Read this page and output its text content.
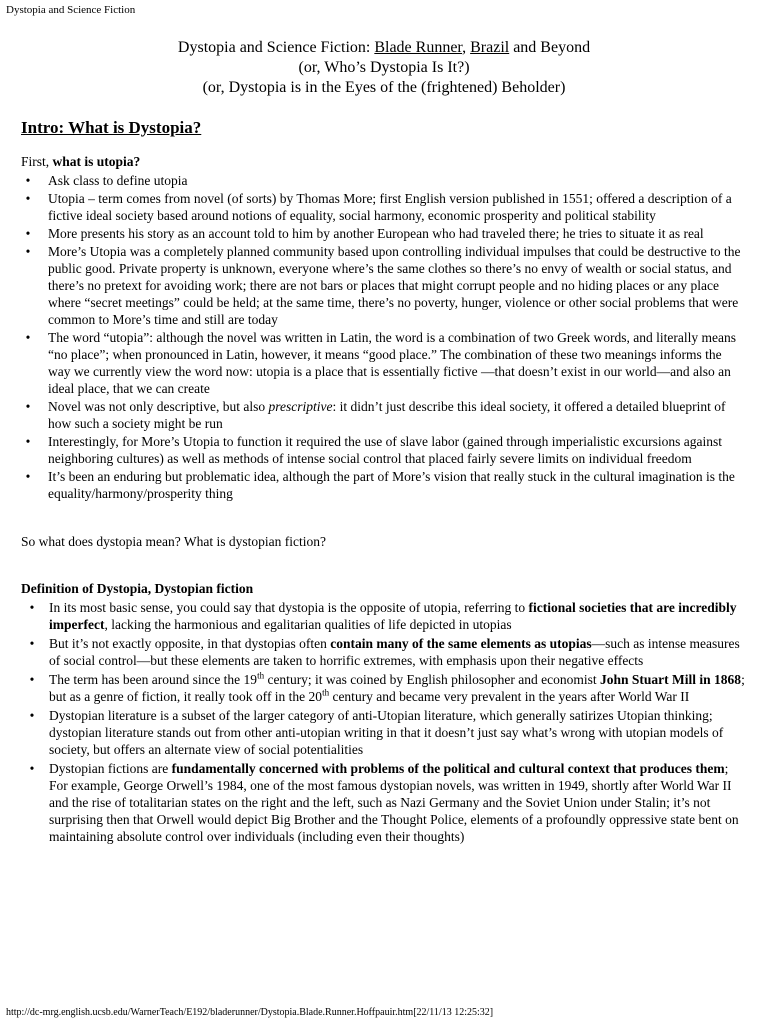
Dystopia and Science Fiction
Dystopia and Science Fiction: Blade Runner, Brazil and Beyond
(or, Who’s Dystopia Is It?)
(or, Dystopia is in the Eyes of the (frightened) Beholder)
Intro: What is Dystopia?

First, what is utopia?

•	Ask class to define utopia
•	Utopia – term comes from novel (of sorts) by Thomas More; first English version published in 1551; offered a description of a fictive ideal society based around notions of equality, social harmony, economic prosperity and political stability
•	More presents his story as an account told to him by another European who had traveled there; he tries to situate it as real
•	More’s Utopia was a completely planned community based upon controlling individual impulses that could be destructive to the public good. Private property is unknown, everyone where’s the same clothes so there’s no envy of wealth or social status, and there’s no pretext for avoiding work; there are not bars or places that might corrupt people and no hiding places or any place where “secret meetings” could be held; at the same time, there’s no poverty, hunger, violence or other social problems that were common to More’s time and still are today
•	The word “utopia”: although the novel was written in Latin, the word is a combination of two Greek words, and literally means “no place”; when pronounced in Latin, however, it means “good place.” The combination of these two meanings informs the way we currently view the word now: utopia is a place that is essentially fictive —that doesn’t exist in our world—and also an ideal place, that we can create
•	Novel was not only descriptive, but also prescriptive: it didn’t just describe this ideal society, it offered a detailed blueprint of how such a society might be run
•	Interestingly, for More’s Utopia to function it required the use of slave labor (gained through imperialistic excursions against neighboring cultures) as well as methods of intense social control that placed fairly severe limits on individual freedom
•	It’s been an enduring but problematic idea, although the part of More’s vision that really stuck in the cultural imagination is the equality/harmony/prosperity thing

So what does dystopia mean? What is dystopian fiction?

Definition of Dystopia, Dystopian fiction

•	In its most basic sense, you could say that dystopia is the opposite of utopia, referring to fictional societies that are incredibly imperfect, lacking the harmonious and egalitarian qualities of life depicted in utopias
•	But it’s not exactly opposite, in that dystopias often contain many of the same elements as utopias—such as intense measures of social control—but these elements are taken to horrific extremes, with emphasis upon their negative effects
•	The term has been around since the 19th century; it was coined by English philosopher and economist John Stuart Mill in 1868; but as a genre of fiction, it really took off in the 20th century and became very prevalent in the years after World War II
•	Dystopian literature is a subset of the larger category of anti-Utopian literature, which generally satirizes Utopian thinking; dystopian literature stands out from other anti-utopian writing in that it doesn’t just say what’s wrong with utopian models of society, but offers an alternate view of social potentialities
•	Dystopian fictions are fundamentally concerned with problems of the political and cultural context that produces them; For example, George Orwell’s 1984, one of the most famous dystopian novels, was written in 1949, shortly after World War II and the rise of totalitarian states on the right and the left, such as Nazi Germany and the Soviet Union under Stalin; it’s not surprising then that Orwell would depict Big Brother and the Thought Police, elements of a profoundly oppressive state bent on maintaining absolute control over individuals (including even their thoughts)
http://dc-mrg.english.ucsb.edu/WarnerTeach/E192/bladerunner/Dystopia.Blade.Runner.Hoffpauir.htm[22/11/13 12:25:32]
